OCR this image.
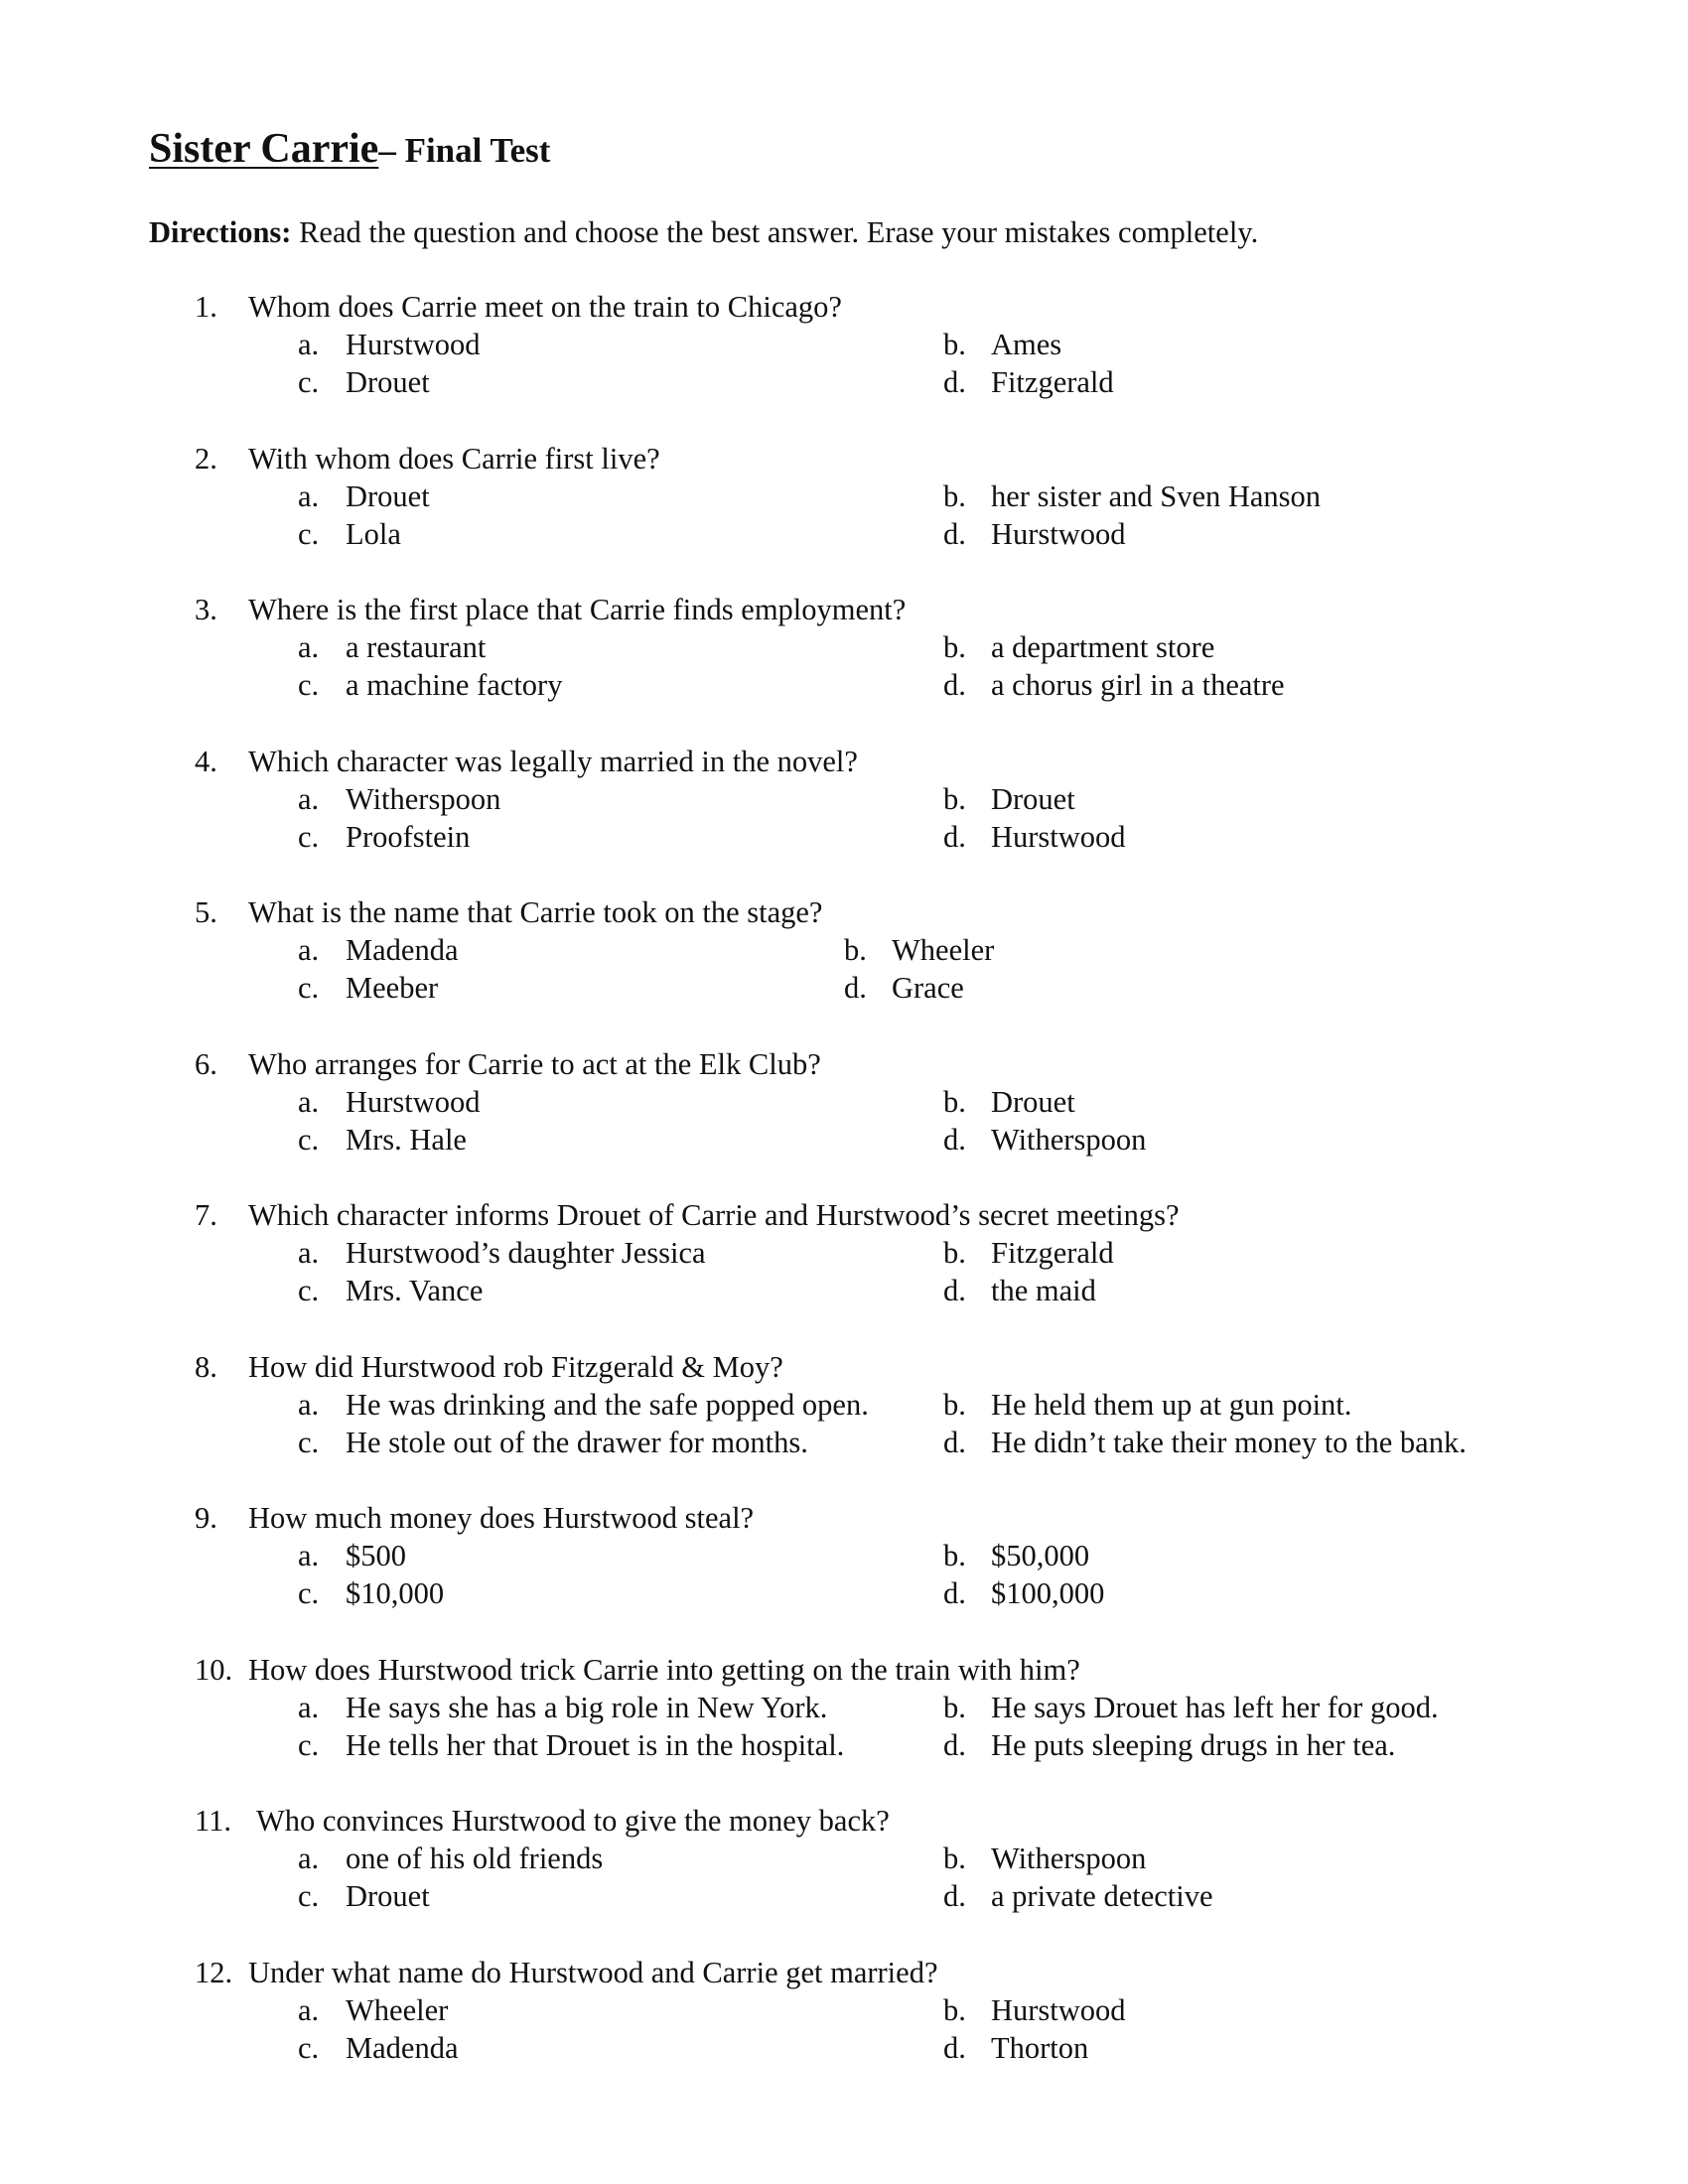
Sister Carrie– Final Test
Directions: Read the question and choose the best answer. Erase your mistakes completely.
1. Whom does Carrie meet on the train to Chicago?
a. Hurstwood	b. Ames
c. Drouet	d. Fitzgerald
2. With whom does Carrie first live?
a. Drouet	b. her sister and Sven Hanson
c. Lola	d. Hurstwood
3. Where is the first place that Carrie finds employment?
a. a restaurant	b. a department store
c. a machine factory	d. a chorus girl in a theatre
4. Which character was legally married in the novel?
a. Witherspoon	b. Drouet
c. Proofstein	d. Hurstwood
5. What is the name that Carrie took on the stage?
a. Madenda	b. Wheeler
c. Meeber	d. Grace
6. Who arranges for Carrie to act at the Elk Club?
a. Hurstwood	b. Drouet
c. Mrs. Hale	d. Witherspoon
7. Which character informs Drouet of Carrie and Hurstwood’s secret meetings?
a. Hurstwood’s daughter Jessica	b. Fitzgerald
c. Mrs. Vance	d. the maid
8. How did Hurstwood rob Fitzgerald & Moy?
a. He was drinking and the safe popped open. b. He held them up at gun point.
c. He stole out of the drawer for months.	d. He didn’t take their money to the bank.
9. How much money does Hurstwood steal?
a. $500	b. $50,000
c. $10,000	d. $100,000
10. How does Hurstwood trick Carrie into getting on the train with him?
a. He says she has a big role in New York.	b. He says Drouet has left her for good.
c. He tells her that Drouet is in the hospital.	d. He puts sleeping drugs in her tea.
11. Who convinces Hurstwood to give the money back?
a. one of his old friends	b. Witherspoon
c. Drouet	d. a private detective
12. Under what name do Hurstwood and Carrie get married?
a. Wheeler	b. Hurstwood
c. Madenda	d. Thorton
